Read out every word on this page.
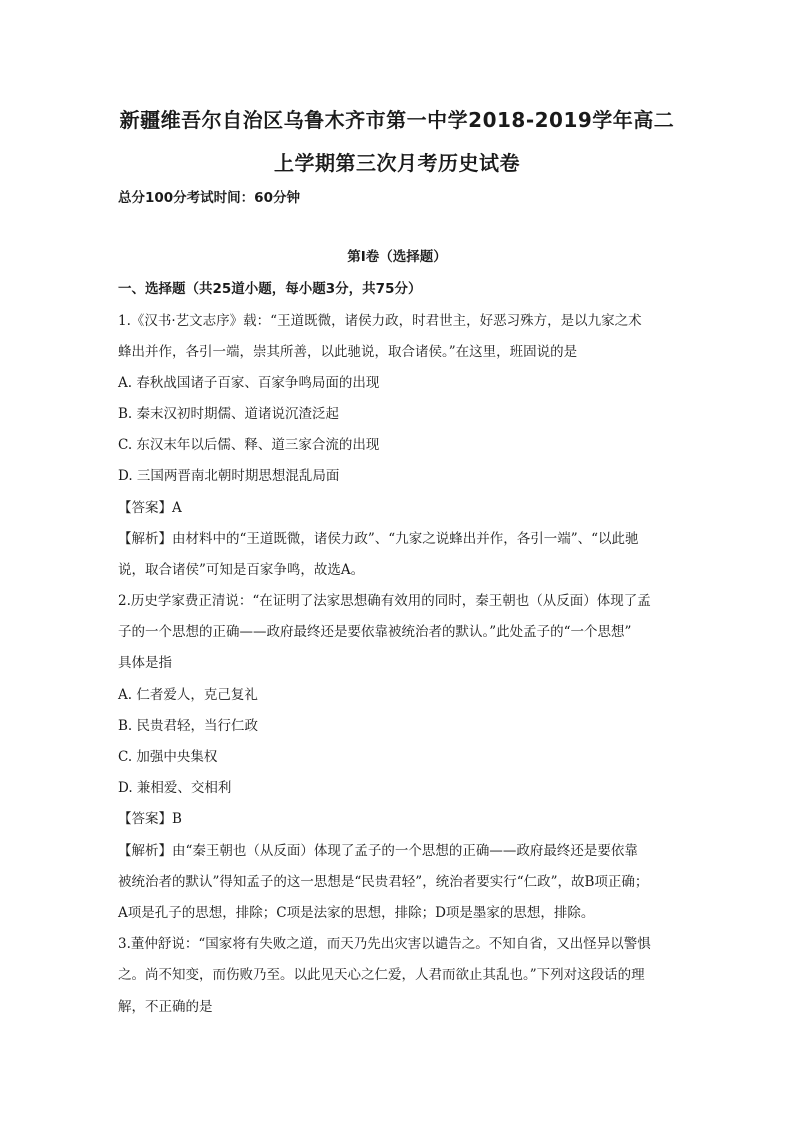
新疆维吾尔自治区乌鲁木齐市第一中学2018-2019学年高二
上学期第三次月考历史试卷
总分100分考试时间：60分钟
第I卷（选择题）
一、选择题（共25道小题，每小题3分，共75分）
1.《汉书·艺文志序》载：“王道既微，诸侯力政，时君世主，好恶习殊方，是以九家之术
蜂出并作，各引一端，崇其所善，以此驰说，取合诸侯。”在这里，班固说的是
A. 春秋战国诸子百家、百家争鸣局面的出现
B. 秦末汉初时期儒、道诸说沉渣泛起
C. 东汉末年以后儒、释、道三家合流的出现
D. 三国两晋南北朝时期思想混乱局面
【答案】A
【解析】由材料中的“王道既微，诸侯力政”、“九家之说蜂出并作，各引一端”、“以此驰
说，取合诸侯”可知是百家争鸣，故选A。
2.历史学家费正清说：“在证明了法家思想确有效用的同时，秦王朝也（从反面）体现了孟
子的一个思想的正确——政府最终还是要依靠被统治者的默认。”此处孟子的“一个思想”
具体是指
A. 仁者爱人，克己复礼
B. 民贵君轻，当行仁政
C. 加强中央集权
D. 兼相爱、交相利
【答案】B
【解析】由“秦王朝也（从反面）体现了孟子的一个思想的正确——政府最终还是要依靠
被统治者的默认”得知孟子的这一思想是“民贵君轻”，统治者要实行“仁政”，故B项正确；
A项是孔子的思想，排除；C项是法家的思想，排除；D项是墨家的思想，排除。
3.董仲舒说：“国家将有失败之道，而天乃先出灾害以谴告之。不知自省，又出怪异以警惧
之。尚不知变，而伤败乃至。以此见天心之仁爱，人君而欲止其乱也。”下列对这段话的理
解，不正确的是
